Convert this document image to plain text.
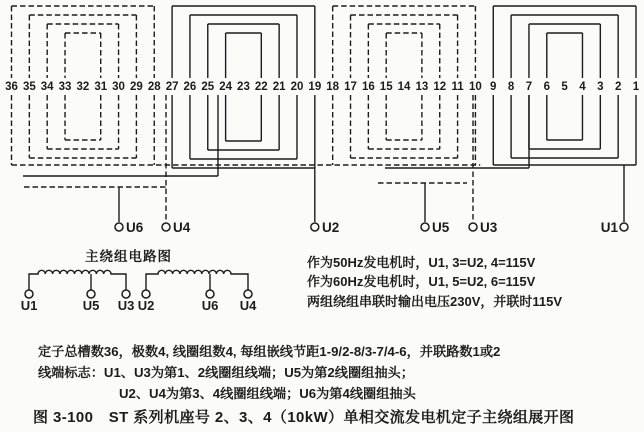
36 35 34 33 32 31 30 29 28 27 26 25 24 23 22 21 20 19 18 17 16 15 14 13 12 11 10 9 8 7 6 5 4 3 2 1
U6 U4	U2	U5 U3	U1
主绕组电路图
U1	U5 U3 U2	U6 U4
作为50Hz发电机时，U1, 3=U2, 4=115V
作为60Hz发电机时，U1, 5=U2, 6=115V
两组绕组串联时输出电压230V，并联时115V
定子总槽数36，极数4, 线圈组数4, 每组嵌线节距1-9/2-8/3-7/4-6，并联路数1或2
线端标志：U1、U3为第1、2线圈组线端；U5为第2线圈组抽头；
U2、U4为第3、4线圈组线端；U6为第4线圈组抽头
图 3-100　ST 系列机座号 2、3、4（10kW）单相交流发电机定子主绕组展开图
